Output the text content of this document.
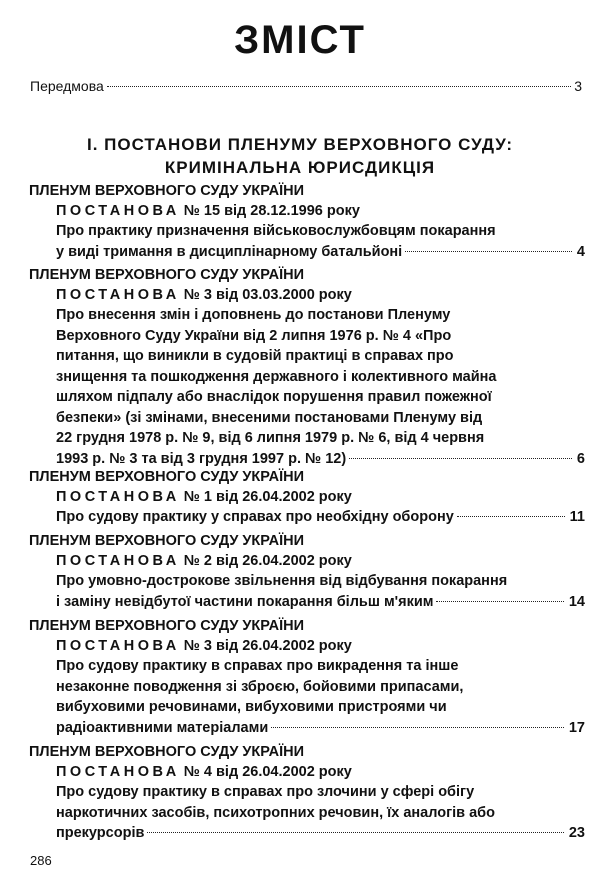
ЗМІСТ
Передмова	3
І. ПОСТАНОВИ ПЛЕНУМУ ВЕРХОВНОГО СУДУ:
КРИМІНАЛЬНА ЮРИСДИКЦІЯ
ПЛЕНУМ ВЕРХОВНОГО СУДУ УКРАЇНИ
ПОСТАНОВА № 15 від 28.12.1996 року
Про практику призначення військовослужбовцям покарання
у виді тримання в дисциплінарному батальйоні	4
ПЛЕНУМ ВЕРХОВНОГО СУДУ УКРАЇНИ
ПОСТАНОВА № 3 від 03.03.2000 року
Про внесення змін і доповнень до постанови Пленуму
Верховного Суду України від 2 липня 1976 р. № 4 «Про
питання, що виникли в судовій практиці в справах про
знищення та пошкодження державного і колективного майна
шляхом підпалу або внаслідок порушення правил пожежної
безпеки» (зі змінами, внесеними постановами Пленуму від
22 грудня 1978 р. № 9, від 6 липня 1979 р. № 6, від 4 червня
1993 р. № 3 та від 3 грудня 1997 р. № 12)	6
ПЛЕНУМ ВЕРХОВНОГО СУДУ УКРАЇНИ
ПОСТАНОВА № 1 від 26.04.2002 року
Про судову практику у справах про необхідну оборону	11
ПЛЕНУМ ВЕРХОВНОГО СУДУ УКРАЇНИ
ПОСТАНОВА № 2 від 26.04.2002 року
Про умовно-дострокове звільнення від відбування покарання
і заміну невідбутої частини покарання більш м'яким	14
ПЛЕНУМ ВЕРХОВНОГО СУДУ УКРАЇНИ
ПОСТАНОВА № 3 від 26.04.2002 року
Про судову практику в справах про викрадення та інше
незаконне поводження зі зброєю, бойовими припасами,
вибуховими речовинами, вибуховими пристроями чи
радіоактивними матеріалами	17
ПЛЕНУМ ВЕРХОВНОГО СУДУ УКРАЇНИ
ПОСТАНОВА № 4 від 26.04.2002 року
Про судову практику в справах про злочини у сфері обігу
наркотичних засобів, психотропних речовин, їх аналогів або
прекурсорів	23
286
